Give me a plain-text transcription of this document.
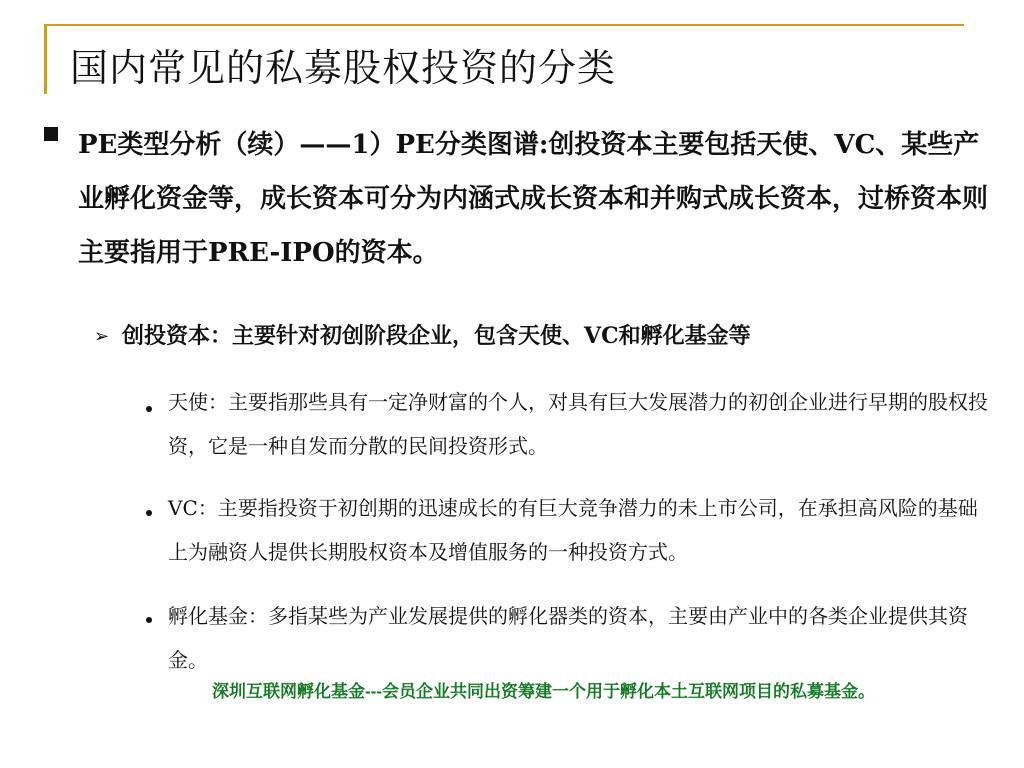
国内常见的私募股权投资的分类
PE类型分析（续）——1）PE分类图谱:创投资本主要包括天使、VC、某些产业孵化资金等，成长资本可分为内涵式成长资本和并购式成长资本，过桥资本则主要指用于PRE-IPO的资本。
➢ 创投资本：主要针对初创阶段企业，包含天使、VC和孵化基金等
天使：主要指那些具有一定净财富的个人，对具有巨大发展潜力的初创企业进行早期的股权投资，它是一种自发而分散的民间投资形式。
VC：主要指投资于初创期的迅速成长的有巨大竞争潜力的未上市公司，在承担高风险的基础上为融资人提供长期股权资本及增值服务的一种投资方式。
孵化基金：多指某些为产业发展提供的孵化器类的资本，主要由产业中的各类企业提供其资金。
深圳互联网孵化基金---会员企业共同出资筹建一个用于孵化本土互联网项目的私募基金。
